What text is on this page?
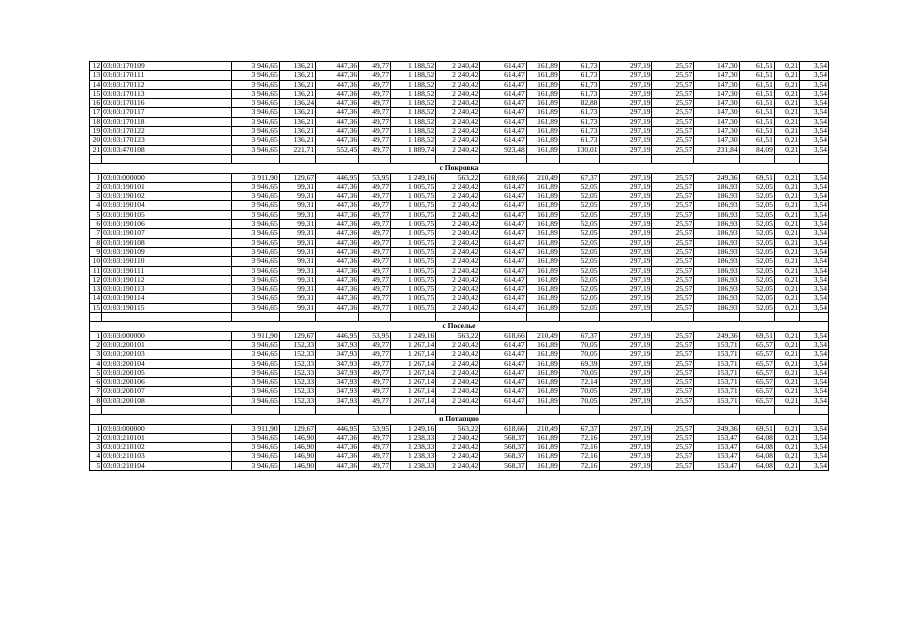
12	03:03:170109	3 946,65	136,21	447,36	49,77	1 188,52	2 240,42	614,47	161,89	61,73	297,19	25,57	147,30	61,51	0,21	3,54
13	03:03:170111	3 946,65	136,21	447,36	49,77	1 188,52	2 240,42	614,47	161,89	61,73	297,19	25,57	147,30	61,51	0,21	3,54
14	03:03:170112	3 946,65	136,21	447,36	49,77	1 188,52	2 240,42	614,47	161,89	61,73	297,19	25,57	147,30	61,51	0,21	3,54
15	03:03:170113	3 946,65	136,21	447,36	49,77	1 188,52	2 240,42	614,47	161,89	61,73	297,19	25,57	147,30	61,51	0,21	3,54
16	03:03:170116	3 946,65	136,24	447,36	49,77	1 188,52	2 240,42	614,47	161,89	82,88	297,19	25,57	147,30	61,51	0,21	3,54
17	03:03:170117	3 946,65	136,21	447,36	49,77	1 188,52	2 240,42	614,47	161,89	61,73	297,19	25,57	147,30	61,51	0,21	3,54
18	03:03:170118	3 946,65	136,21	447,36	49,77	1 188,52	2 240,42	614,47	161,89	61,73	297,19	25,57	147,30	61,51	0,21	3,54
19	03:03:170122	3 946,65	136,21	447,36	49,77	1 188,52	2 240,42	614,47	161,89	61,73	297,19	25,57	147,30	61,51	0,21	3,54
20	03:03:170123	3 946,65	136,21	447,36	49,77	1 188,52	2 240,42	614,47	161,89	61,73	297,19	25,57	147,30	61,51	0,21	3,54
21	03:03:470108	3 946,65	221,71	552,45	49,77	1 889,74	2 240,42	923,48	161,89	130,01	297,19	25,57	231,84	84,09	0,21	3,54

с Покровка																
1	03:03:000000	3 911,90	129,67	446,95	53,95	1 249,16	563,22	618,66	210,49	67,37	297,19	25,57	249,36	69,51	0,21	3,54
2	03:03:190101	3 946,65	99,31	447,36	49,77	1 005,75	2 240,42	614,47	161,89	52,05	297,19	25,57	186,93	52,05	0,21	3,54
3	03:03:190102	3 946,65	99,31	447,36	49,77	1 005,75	2 240,42	614,47	161,89	52,05	297,19	25,57	186,93	52,05	0,21	3,54
4	03:03:190104	3 946,65	99,31	447,36	49,77	1 005,75	2 240,42	614,47	161,89	52,05	297,19	25,57	186,93	52,05	0,21	3,54
5	03:03:190105	3 946,65	99,31	447,36	49,77	1 005,75	2 240,42	614,47	161,89	52,05	297,19	25,57	186,93	52,05	0,21	3,54
6	03:03:190106	3 946,65	99,31	447,36	49,77	1 005,75	2 240,42	614,47	161,89	52,05	297,19	25,57	186,93	52,05	0,21	3,54
7	03:03:190107	3 946,65	99,31	447,36	49,77	1 005,75	2 240,42	614,47	161,89	52,05	297,19	25,57	186,93	52,05	0,21	3,54
8	03:03:190108	3 946,65	99,31	447,36	49,77	1 005,75	2 240,42	614,47	161,89	52,05	297,19	25,57	186,93	52,05	0,21	3,54
9	03:03:190109	3 946,65	99,31	447,36	49,77	1 005,75	2 240,42	614,47	161,89	52,05	297,19	25,57	186,93	52,05	0,21	3,54
10	03:03:190110	3 946,65	99,31	447,36	49,77	1 005,75	2 240,42	614,47	161,89	52,05	297,19	25,57	186,93	52,05	0,21	3,54
11	03:03:190111	3 946,65	99,31	447,36	49,77	1 005,75	2 240,42	614,47	161,89	52,05	297,19	25,57	186,93	52,05	0,21	3,54
12	03:03:190112	3 946,65	99,31	447,36	49,77	1 005,75	2 240,42	614,47	161,89	52,05	297,19	25,57	186,93	52,05	0,21	3,54
13	03:03:190113	3 946,65	99,31	447,36	49,77	1 005,75	2 240,42	614,47	161,89	52,05	297,19	25,57	186,93	52,05	0,21	3,54
14	03:03:190114	3 946,65	99,31	447,36	49,77	1 005,75	2 240,42	614,47	161,89	52,05	297,19	25,57	186,93	52,05	0,21	3,54
15	03:03:190115	3 946,65	99,31	447,36	49,77	1 005,75	2 240,42	614,47	161,89	52,05	297,19	25,57	186,93	52,05	0,21	3,54

с Поселье																
1	03:03:000000	3 911,90	129,67	446,95	53,95	1 249,16	563,22	618,66	210,49	67,37	297,19	25,57	249,36	69,51	0,21	3,54
2	03:03:200101	3 946,65	152,33	347,93	49,77	1 267,14	2 240,42	614,47	161,89	70,05	297,19	25,57	153,71	65,57	0,21	3,54
3	03:03:200103	3 946,65	152,33	347,93	49,77	1 267,14	2 240,42	614,47	161,89	70,05	297,19	25,57	153,71	65,57	0,21	3,54
4	03:03:200104	3 946,65	152,33	347,93	49,77	1 267,14	2 240,42	614,47	161,89	69,39	297,19	25,57	153,71	65,57	0,21	3,54
5	03:03:200105	3 946,65	152,33	347,93	49,77	1 267,14	2 240,42	614,47	161,89	70,05	297,19	25,57	153,71	65,57	0,21	3,54
6	03:03:200106	3 946,65	152,33	347,93	49,77	1 267,14	2 240,42	614,47	161,89	72,14	297,19	25,57	153,71	65,57	0,21	3,54
7	03:03:200107	3 946,65	152,33	347,93	49,77	1 267,14	2 240,42	614,47	161,89	70,05	297,19	25,57	153,71	65,57	0,21	3,54
8	03:03:200108	3 946,65	152,33	347,93	49,77	1 267,14	2 240,42	614,47	161,89	70,05	297,19	25,57	153,71	65,57	0,21	3,54

п Потапцио																
1	03:03:000000	3 911,90	129,67	446,95	53,95	1 249,16	563,22	618,66	210,49	67,37	297,19	25,57	249,36	69,51	0,21	3,54
2	03:03:210101	3 946,65	146,90	447,36	49,77	1 238,33	2 240,42	568,37	161,89	72,16	297,19	25,57	153,47	64,08	0,21	3,54
3	03:03:210102	3 946,65	146,90	447,36	49,77	1 238,33	2 240,42	568,37	161,89	72,16	297,19	25,57	153,47	64,08	0,21	3,54
4	03:03:210103	3 946,65	146,90	447,36	49,77	1 238,33	2 240,42	568,37	161,89	72,16	297,19	25,57	153,47	64,08	0,21	3,54
5	03:03:210104	3 946,65	146,90	447,36	49,77	1 238,33	2 240,42	568,37	161,89	72,16	297,19	25,57	153,47	64,08	0,21	3,54
